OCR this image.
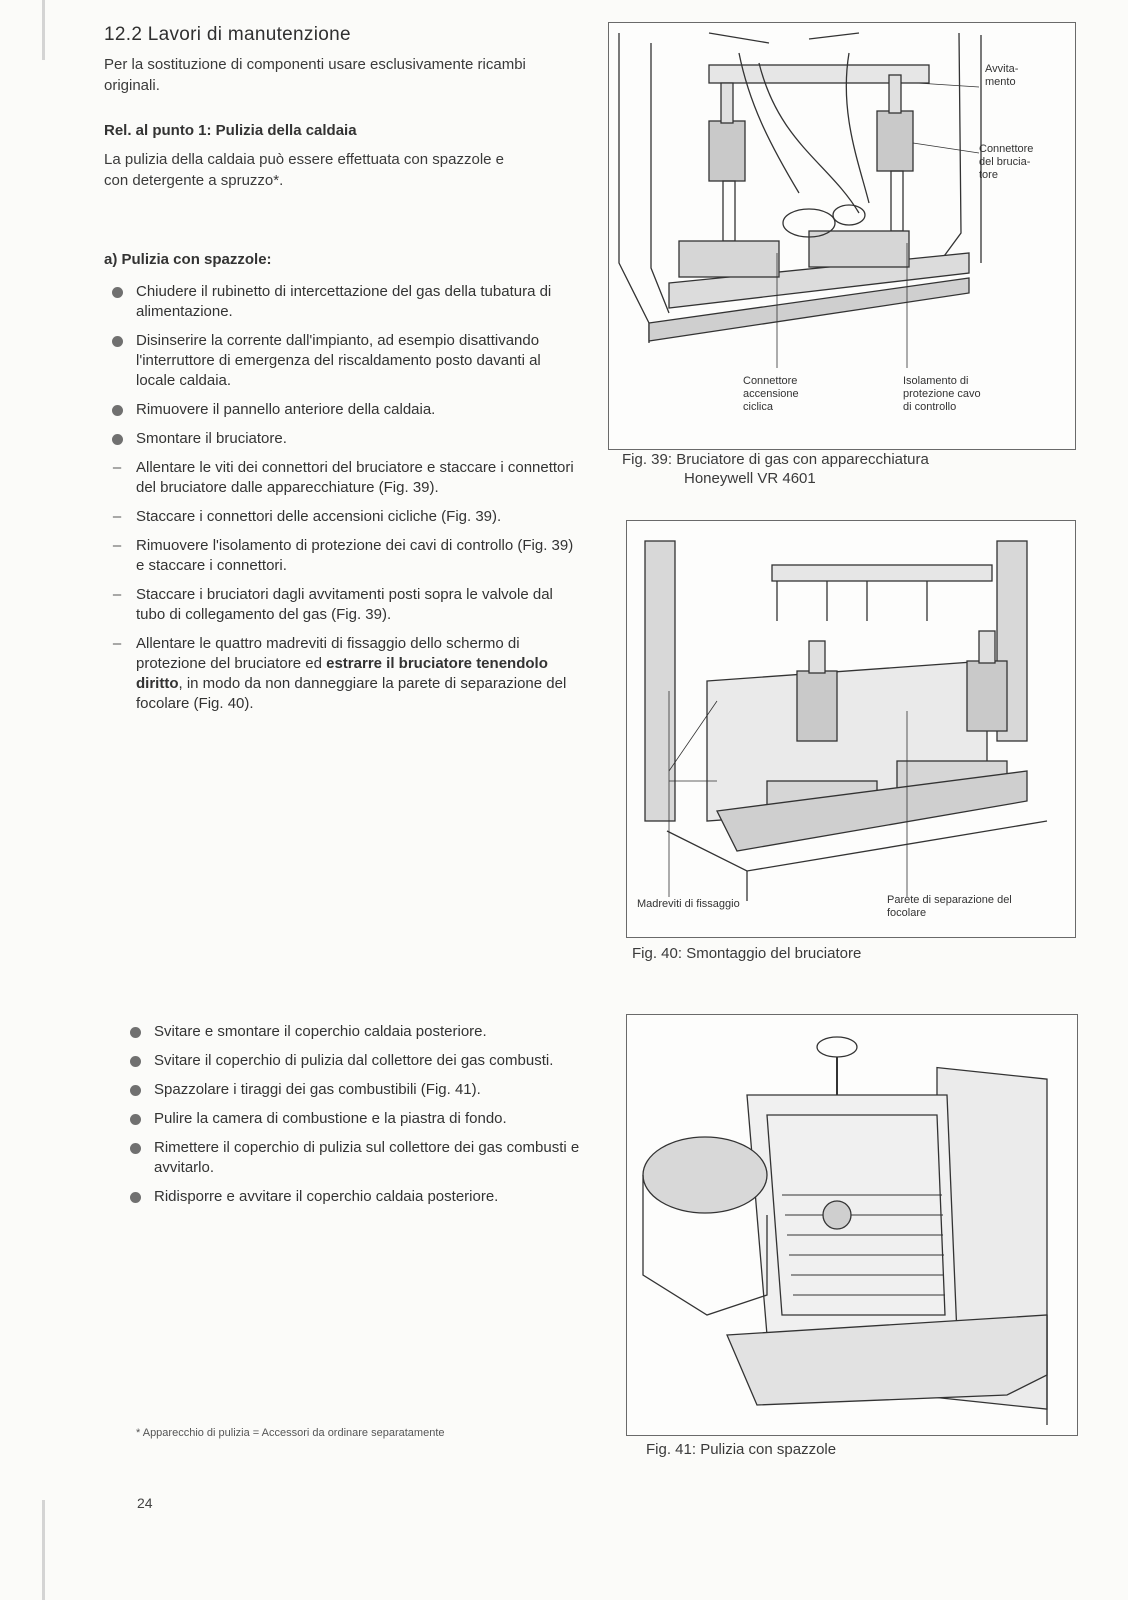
12.2 Lavori di manutenzione

Per la sostituzione di componenti usare esclusivamente ricambi originali.

Rel. al punto 1: Pulizia della caldaia

La pulizia della caldaia può essere effettuata con spazzole e con detergente a spruzzo*.

a) Pulizia con spazzole:
Chiudere il rubinetto di intercettazione del gas della tubatura di alimentazione.
Disinserire la corrente dall'impianto, ad esempio disattivando l'interruttore di emergenza del riscaldamento posto davanti al locale caldaia.
Rimuovere il pannello anteriore della caldaia.
Smontare il bruciatore.
– Allentare le viti dei connettori del bruciatore e staccare i connettori del bruciatore dalle apparecchiature (Fig. 39).
– Staccare i connettori delle accensioni cicliche (Fig. 39).
– Rimuovere l'isolamento di protezione dei cavi di controllo (Fig. 39) e staccare i connettori.
– Staccare i bruciatori dagli avvitamenti posti sopra le valvole dal tubo di collegamento del gas (Fig. 39).
– Allentare le quattro madreviti di fissaggio dello schermo di protezione del bruciatore ed estrarre il bruciatore tenendolo diritto, in modo da non danneggiare la parete di separazione del focolare (Fig. 40).
Svitare e smontare il coperchio caldaia posteriore.
Svitare il coperchio di pulizia dal collettore dei gas combusti.
Spazzolare i tiraggi dei gas combustibili (Fig. 41).
Pulire la camera di combustione e la piastra di fondo.
Rimettere il coperchio di pulizia sul collettore dei gas combusti e avvitarlo.
Ridisporre e avvitare il coperchio caldaia posteriore.
* Apparecchio di pulizia = Accessori da ordinare separatamente
24
Avvita-
mento
Connettore
del brucia-
tore
Connettore
accensione
ciclica
Isolamento di
protezione cavo
di controllo
Fig. 39: Bruciatore di gas con apparecchiatura
Honeywell VR 4601
Madreviti di fissaggio	Parete di separazione del
focolare
Fig. 40: Smontaggio del bruciatore
Fig. 41: Pulizia con spazzole
